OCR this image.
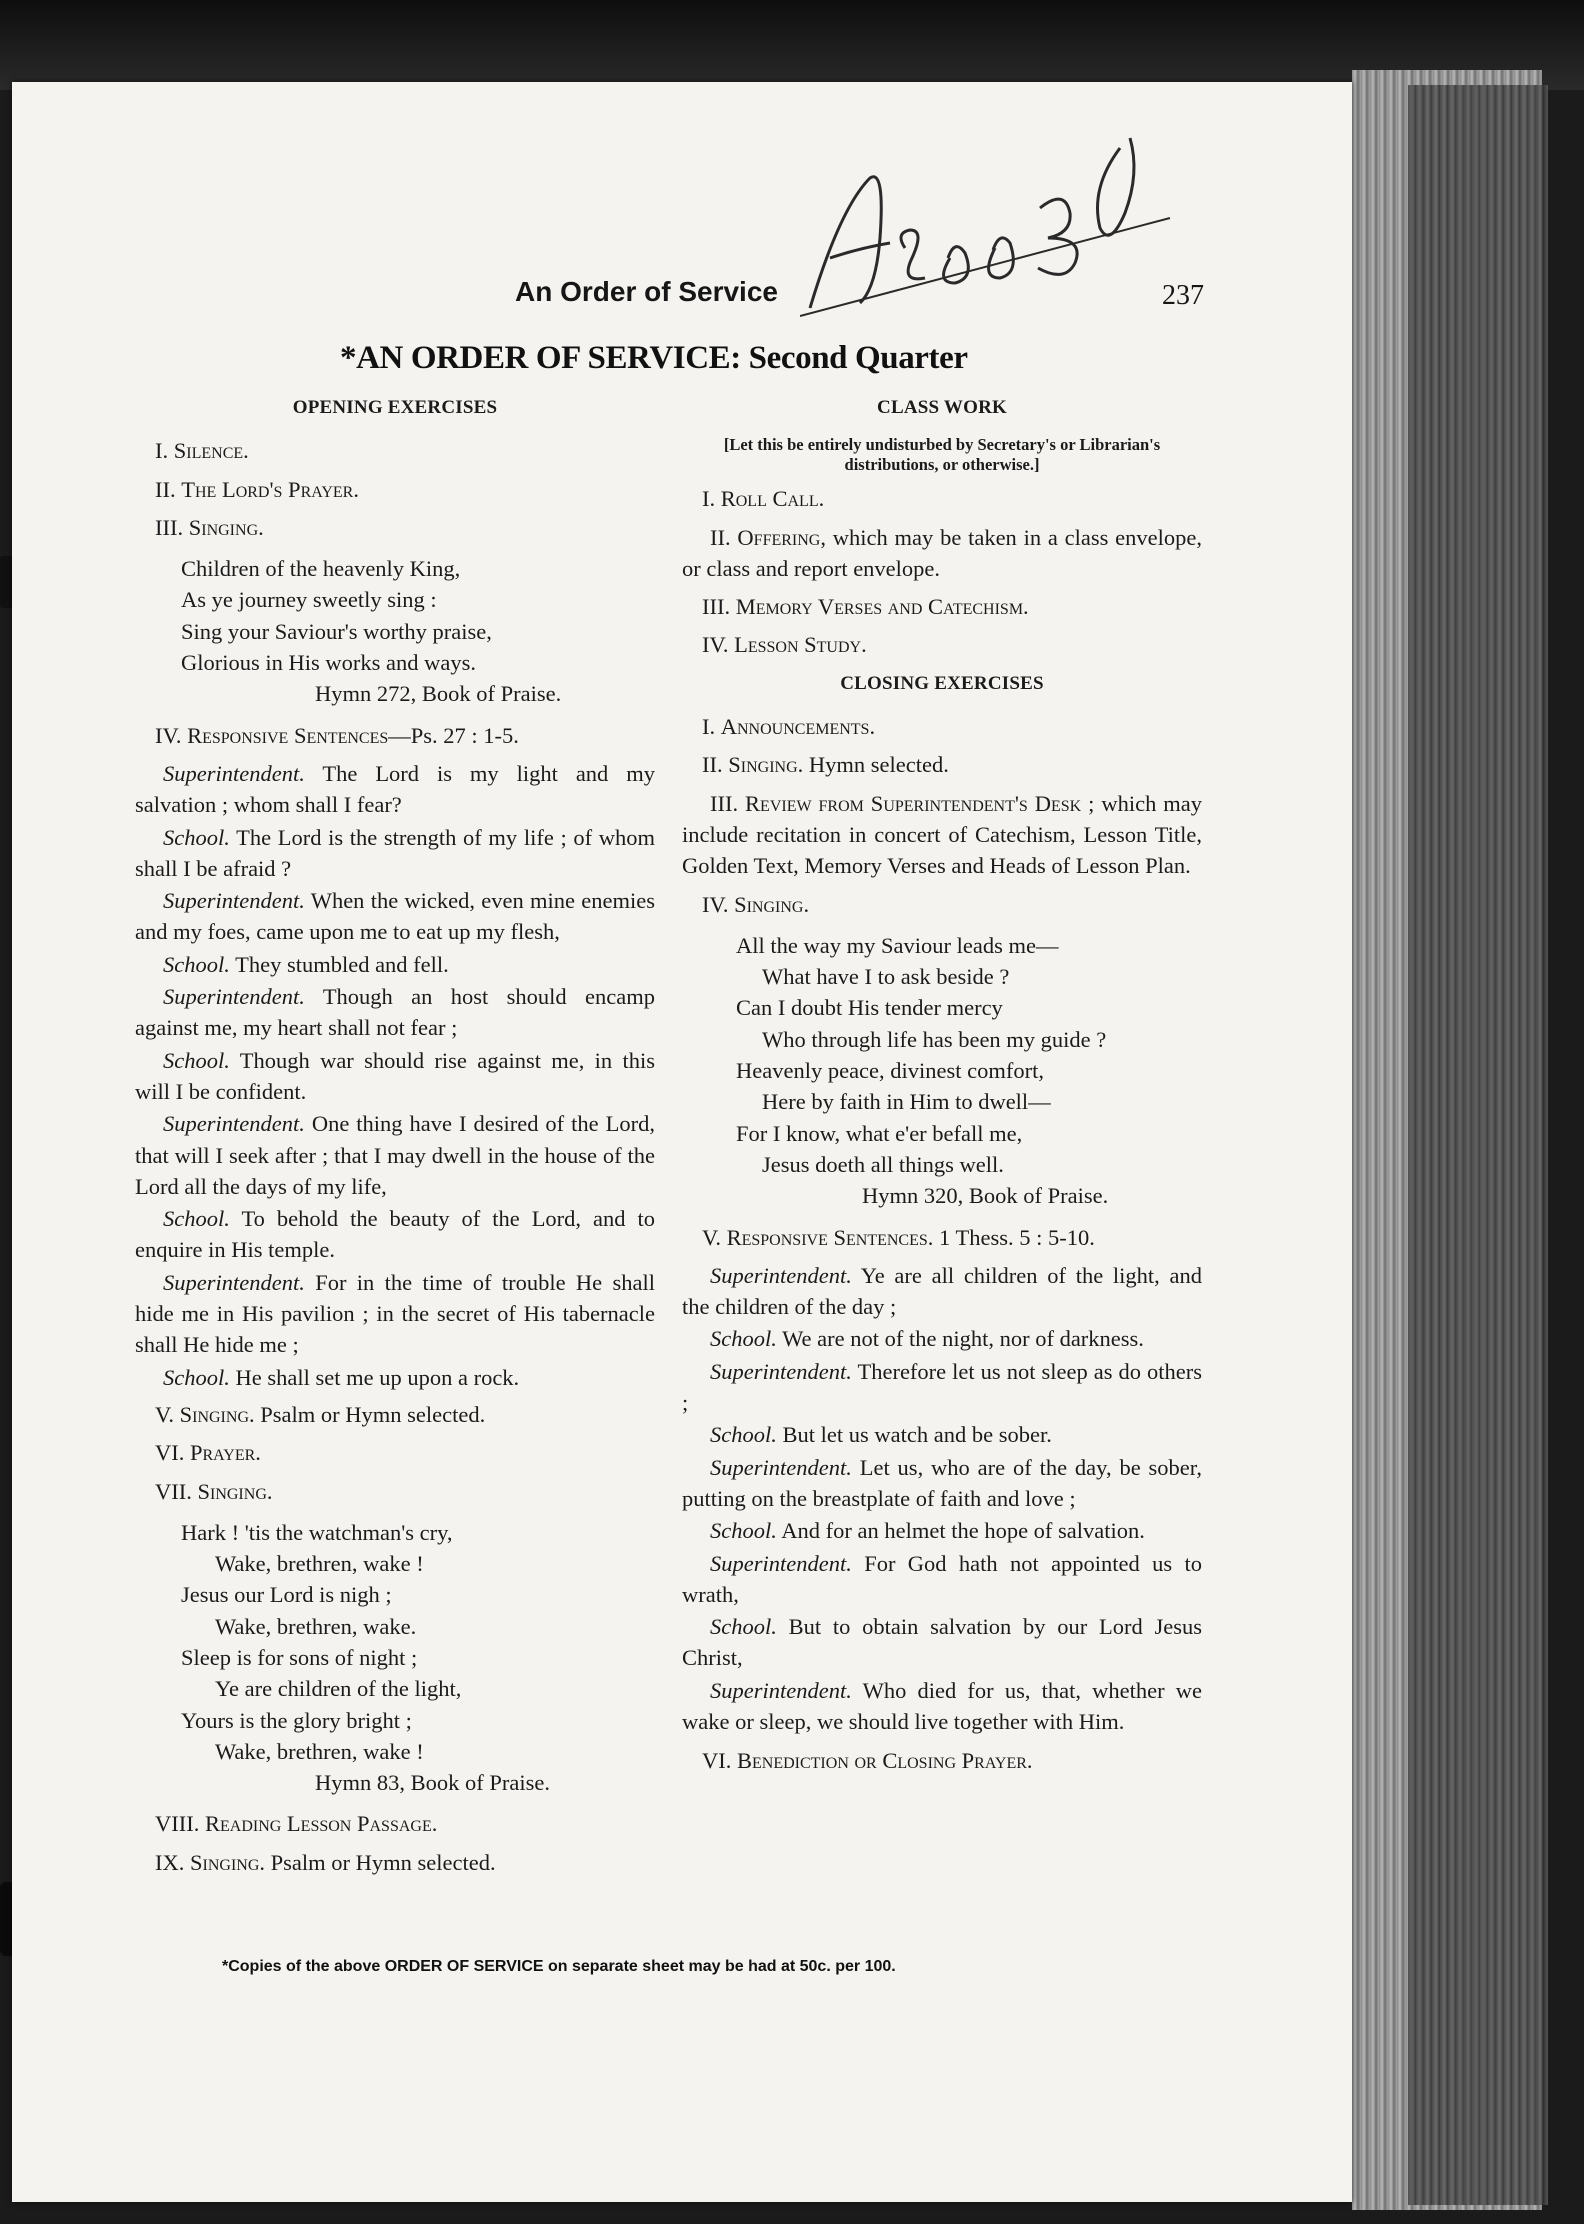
An Order of Service	237
*AN ORDER OF SERVICE: Second Quarter
OPENING EXERCISES
I. Silence.
II. The Lord's Prayer.
III. Singing.
Children of the heavenly King,
As ye journey sweetly sing :
Sing your Saviour's worthy praise,
Glorious in His works and ways.
Hymn 272, Book of Praise.
IV. Responsive Sentences—Ps. 27 : 1-5.
Superintendent. The Lord is my light and my salvation ; whom shall I fear?
School. The Lord is the strength of my life ; of whom shall I be afraid ?
Superintendent. When the wicked, even mine enemies and my foes, came upon me to eat up my flesh,
School. They stumbled and fell.
Superintendent. Though an host should encamp against me, my heart shall not fear ;
School. Though war should rise against me, in this will I be confident.
Superintendent. One thing have I desired of the Lord, that will I seek after ; that I may dwell in the house of the Lord all the days of my life,
School. To behold the beauty of the Lord, and to enquire in His temple.
Superintendent. For in the time of trouble He shall hide me in His pavilion ; in the secret of His tabernacle shall He hide me ;
School. He shall set me up upon a rock.
V. Singing. Psalm or Hymn selected.
VI. Prayer.
VII. Singing.
Hark ! 'tis the watchman's cry,
Wake, brethren, wake !
Jesus our Lord is nigh ;
Wake, brethren, wake.
Sleep is for sons of night ;
Ye are children of the light,
Yours is the glory bright ;
Wake, brethren, wake !
Hymn 83, Book of Praise.
VIII. Reading Lesson Passage.
IX. Singing. Psalm or Hymn selected.
CLASS WORK
[Let this be entirely undisturbed by Secretary's or Librarian's distributions, or otherwise.]
I. Roll Call.
II. Offering, which may be taken in a class envelope, or class and report envelope.
III. Memory Verses and Catechism.
IV. Lesson Study.
CLOSING EXERCISES
I. Announcements.
II. Singing. Hymn selected.
III. Review from Superintendent's Desk ; which may include recitation in concert of Catechism, Lesson Title, Golden Text, Memory Verses and Heads of Lesson Plan.
IV. Singing.
All the way my Saviour leads me—
What have I to ask beside ?
Can I doubt His tender mercy
Who through life has been my guide ?
Heavenly peace, divinest comfort,
Here by faith in Him to dwell—
For I know, what e'er befall me,
Jesus doeth all things well.
Hymn 320, Book of Praise.
V. Responsive Sentences. 1 Thess. 5 : 5-10.
Superintendent. Ye are all children of the light, and the children of the day ;
School. We are not of the night, nor of darkness.
Superintendent. Therefore let us not sleep as do others ;
School. But let us watch and be sober.
Superintendent. Let us, who are of the day, be sober, putting on the breastplate of faith and love ;
School. And for an helmet the hope of salvation.
Superintendent. For God hath not appointed us to wrath,
School. But to obtain salvation by our Lord Jesus Christ,
Superintendent. Who died for us, that, whether we wake or sleep, we should live together with Him.
VI. Benediction or Closing Prayer.
*Copies of the above ORDER OF SERVICE on separate sheet may be had at 50c. per 100.
